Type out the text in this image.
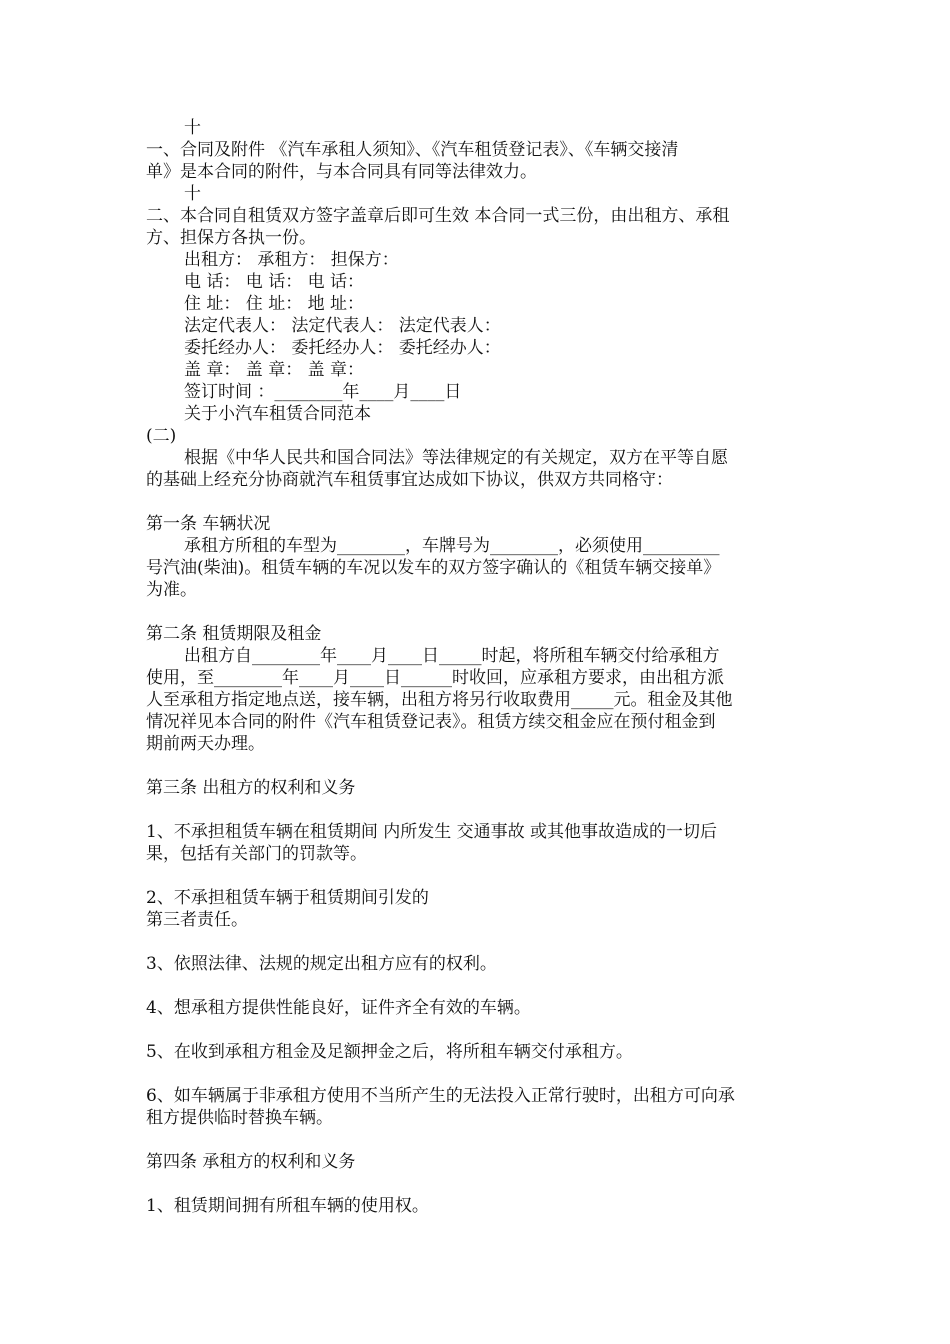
十
一、合同及附件 《汽车承租人须知》、《汽车租赁登记表》、《车辆交接清
单》是本合同的附件，与本合同具有同等法律效力。
十
二、本合同自租赁双方签字盖章后即可生效 本合同一式三份，由出租方、承租
方、担保方各执一份。
出租方： 承租方： 担保方：
电 话： 电 话： 电 话：
住 址： 住 址： 地 址：
法定代表人： 法定代表人： 法定代表人：
委托经办人： 委托经办人： 委托经办人：
盖 章： 盖 章： 盖 章：
签订时间 ：________年____月____日
关于小汽车租赁合同范本
(二)
根据《中华人民共和国合同法》等法律规定的有关规定，双方在平等自愿
的基础上经充分协商就汽车租赁事宜达成如下协议，供双方共同格守：
第一条 车辆状况
承租方所租的车型为________，车牌号为________，必须使用_________
号汽油(柴油)。租赁车辆的车况以发车的双方签字确认的《租赁车辆交接单》
为准。
第二条 租赁期限及租金
出租方自________年____月____日_____时起，将所租车辆交付给承租方
使用，至________年____月____日______时收回，应承租方要求，由出租方派
人至承租方指定地点送，接车辆，出租方将另行收取费用_____元。租金及其他
情况祥见本合同的附件《汽车租赁登记表》。租赁方续交租金应在预付租金到
期前两天办理。
第三条 出租方的权利和义务
1、不承担租赁车辆在租赁期间 内所发生 交通事故 或其他事故造成的一切后
果，包括有关部门的罚款等。
2、不承担租赁车辆于租赁期间引发的
第三者责任。
3、依照法律、法规的规定出租方应有的权利。
4、想承租方提供性能良好，证件齐全有效的车辆。
5、在收到承租方租金及足额押金之后，将所租车辆交付承租方。
6、如车辆属于非承租方使用不当所产生的无法投入正常行驶时，出租方可向承
租方提供临时替换车辆。
第四条 承租方的权利和义务
1、租赁期间拥有所租车辆的使用权。
